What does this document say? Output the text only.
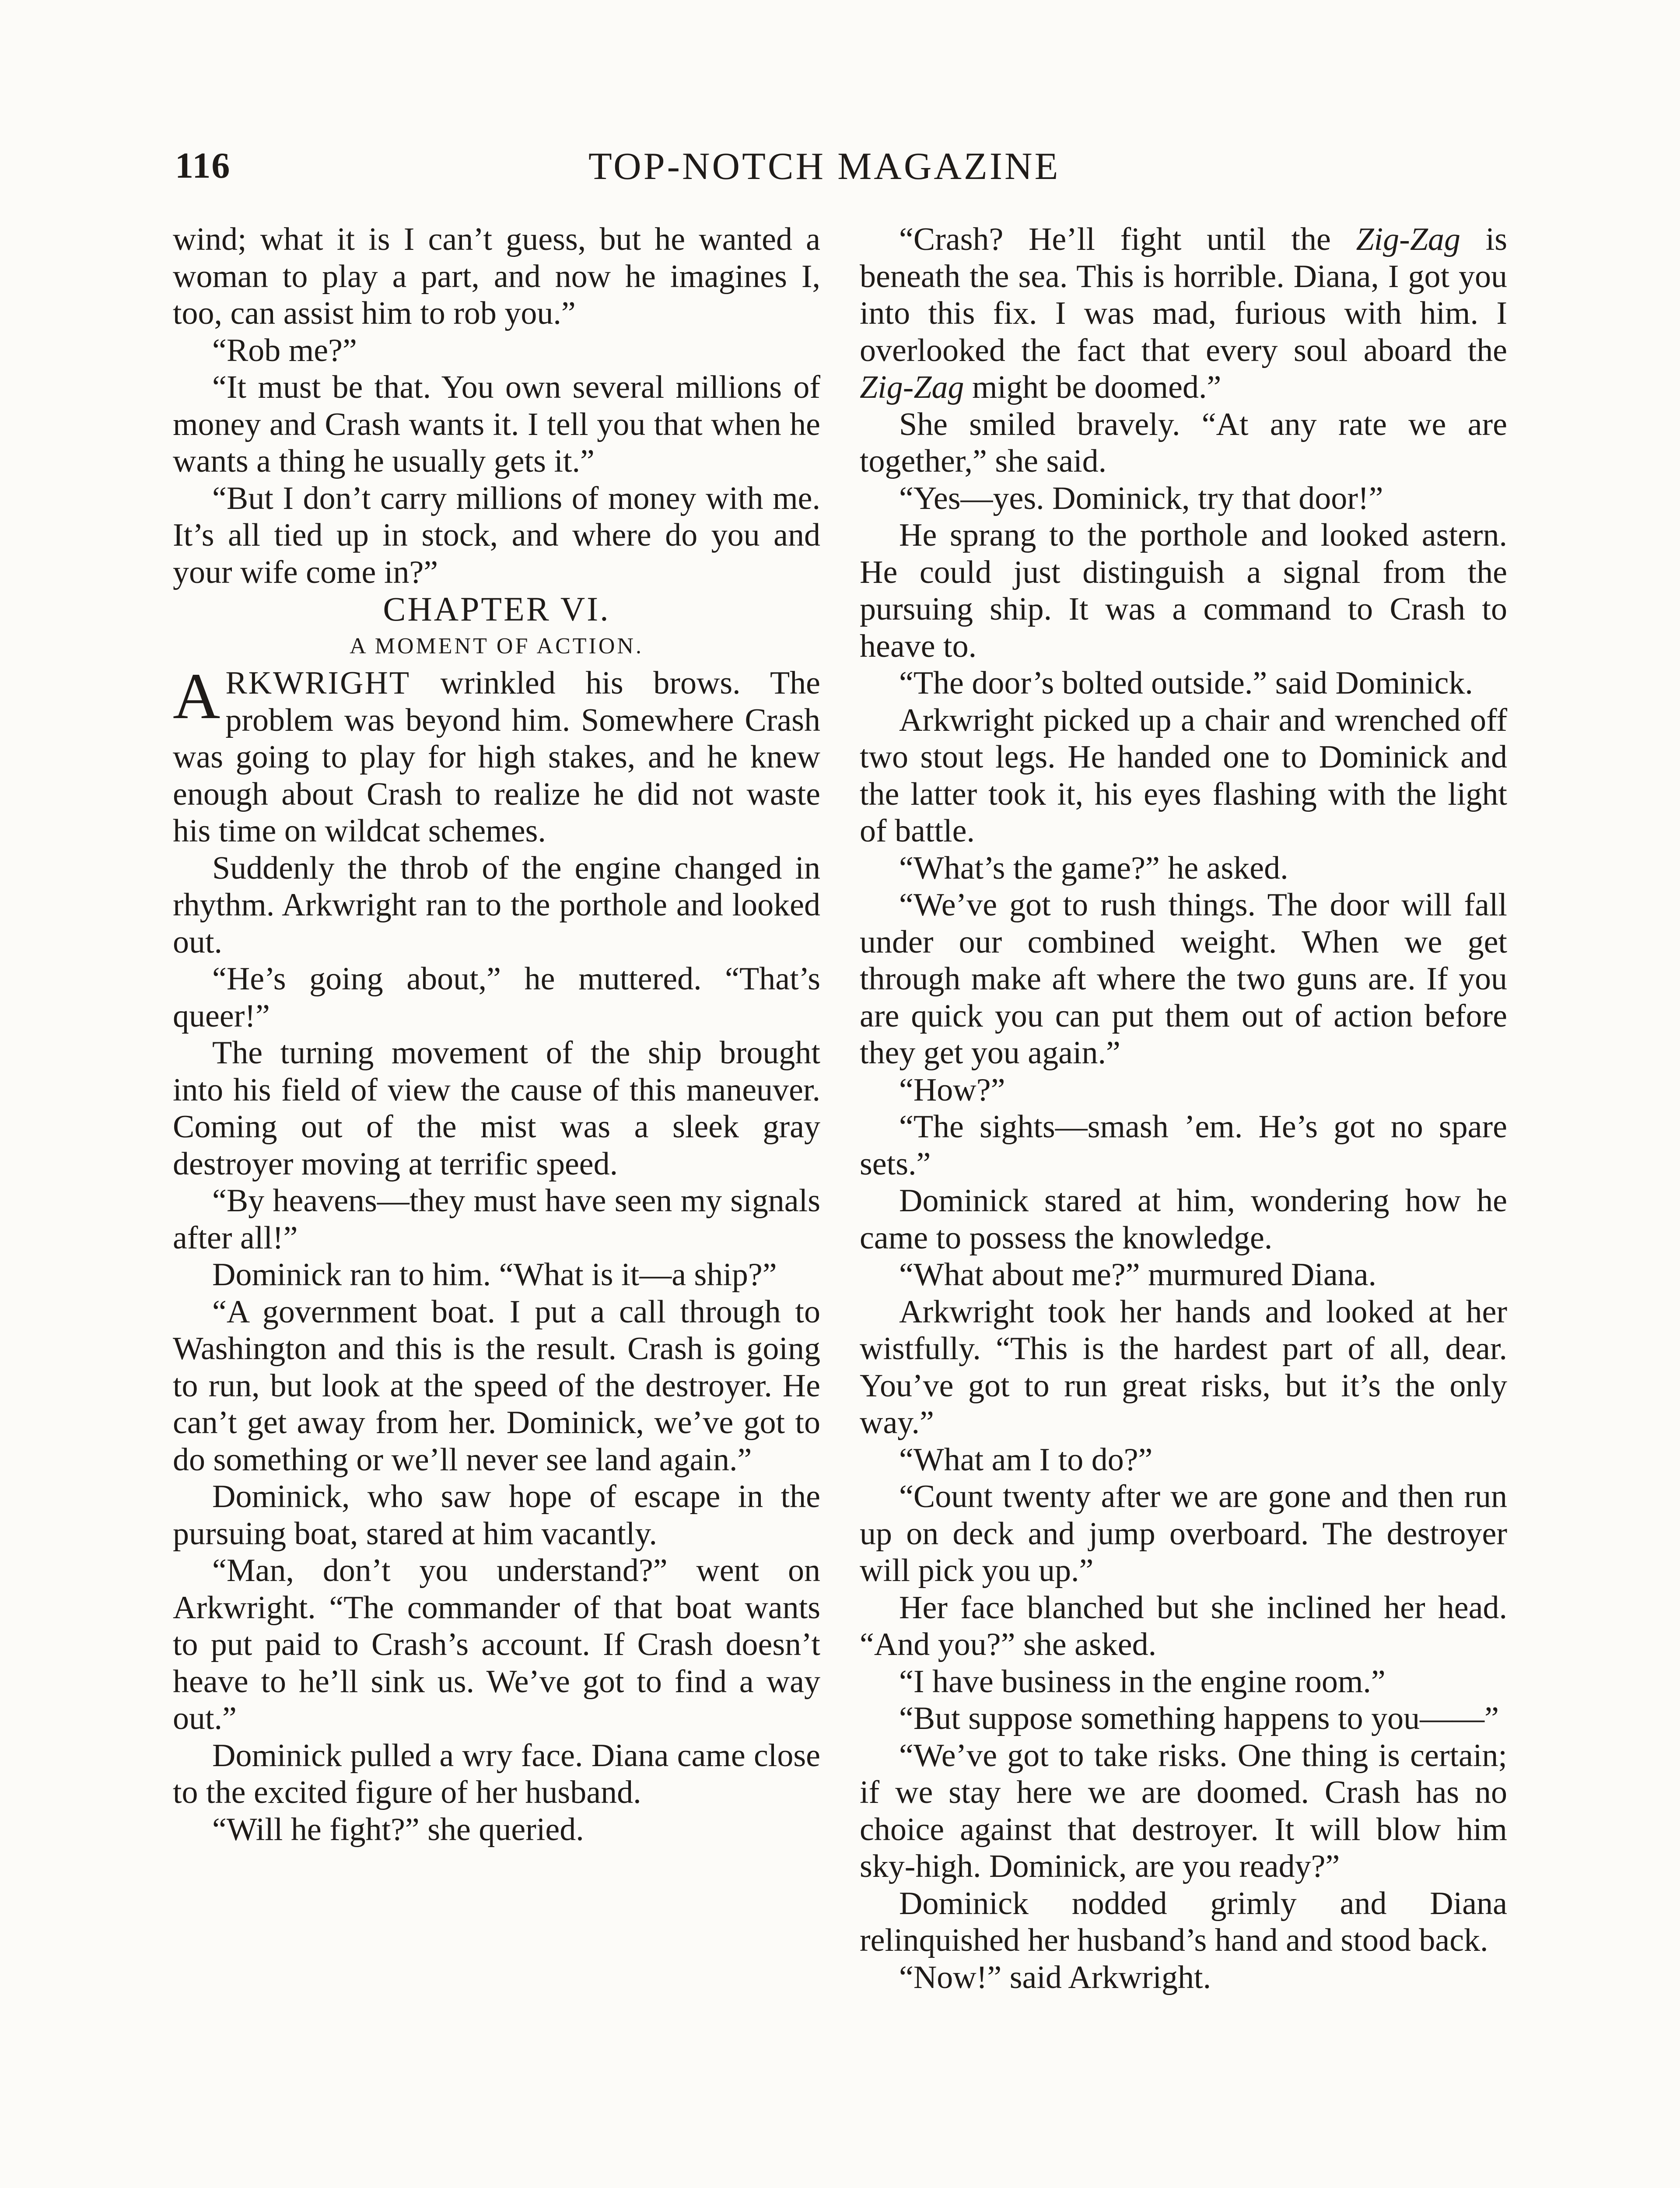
116	TOP-NOTCH MAGAZINE

wind; what it is I can’t guess, but he wanted a woman to play a part, and now he imagines I, too, can assist him to rob you.”

“Rob me?”

“It must be that. You own several millions of money and Crash wants it. I tell you that when he wants a thing he usually gets it.”

“But I don’t carry millions of money with me. It’s all tied up in stock, and where do you and your wife come in?”

CHAPTER VI.

A MOMENT OF ACTION.

ARKWRIGHT wrinkled his brows. The problem was beyond him. Somewhere Crash was going to play for high stakes, and he knew enough about Crash to realize he did not waste his time on wildcat schemes.

Suddenly the throb of the engine changed in rhythm. Arkwright ran to the porthole and looked out.

“He’s going about,” he muttered. “That’s queer!”

The turning movement of the ship brought into his field of view the cause of this maneuver. Coming out of the mist was a sleek gray destroyer moving at terrific speed.

“By heavens—they must have seen my signals after all!”

Dominick ran to him. “What is it—a ship?”

“A government boat. I put a call through to Washington and this is the result. Crash is going to run, but look at the speed of the destroyer. He can’t get away from her. Dominick, we’ve got to do something or we’ll never see land again.”

Dominick, who saw hope of escape in the pursuing boat, stared at him vacantly.

“Man, don’t you understand?” went on Arkwright. “The commander of that boat wants to put paid to Crash’s account. If Crash doesn’t heave to he’ll sink us. We’ve got to find a way out.”

Dominick pulled a wry face. Diana came close to the excited figure of her husband.

“Will he fight?” she queried.

“Crash? He’ll fight until the Zig-Zag is beneath the sea. This is horrible. Diana, I got you into this fix. I was mad, furious with him. I overlooked the fact that every soul aboard the Zig-Zag might be doomed.”

She smiled bravely. “At any rate we are together,” she said.

“Yes—yes. Dominick, try that door!”

He sprang to the porthole and looked astern. He could just distinguish a signal from the pursuing ship. It was a command to Crash to heave to.

“The door’s bolted outside.” said Dominick.

Arkwright picked up a chair and wrenched off two stout legs. He handed one to Dominick and the latter took it, his eyes flashing with the light of battle.

“What’s the game?” he asked.

“We’ve got to rush things. The door will fall under our combined weight. When we get through make aft where the two guns are. If you are quick you can put them out of action before they get you again.”

“How?”

“The sights—smash ’em. He’s got no spare sets.”

Dominick stared at him, wondering how he came to possess the knowledge.

“What about me?” murmured Diana.

Arkwright took her hands and looked at her wistfully. “This is the hardest part of all, dear. You’ve got to run great risks, but it’s the only way.”

“What am I to do?”

“Count twenty after we are gone and then run up on deck and jump overboard. The destroyer will pick you up.”

Her face blanched but she inclined her head. “And you?” she asked.

“I have business in the engine room.”

“But suppose something happens to you——”

“We’ve got to take risks. One thing is certain; if we stay here we are doomed. Crash has no choice against that destroyer. It will blow him sky-high. Dominick, are you ready?”

Dominick nodded grimly and Diana relinquished her husband’s hand and stood back.

“Now!” said Arkwright.
